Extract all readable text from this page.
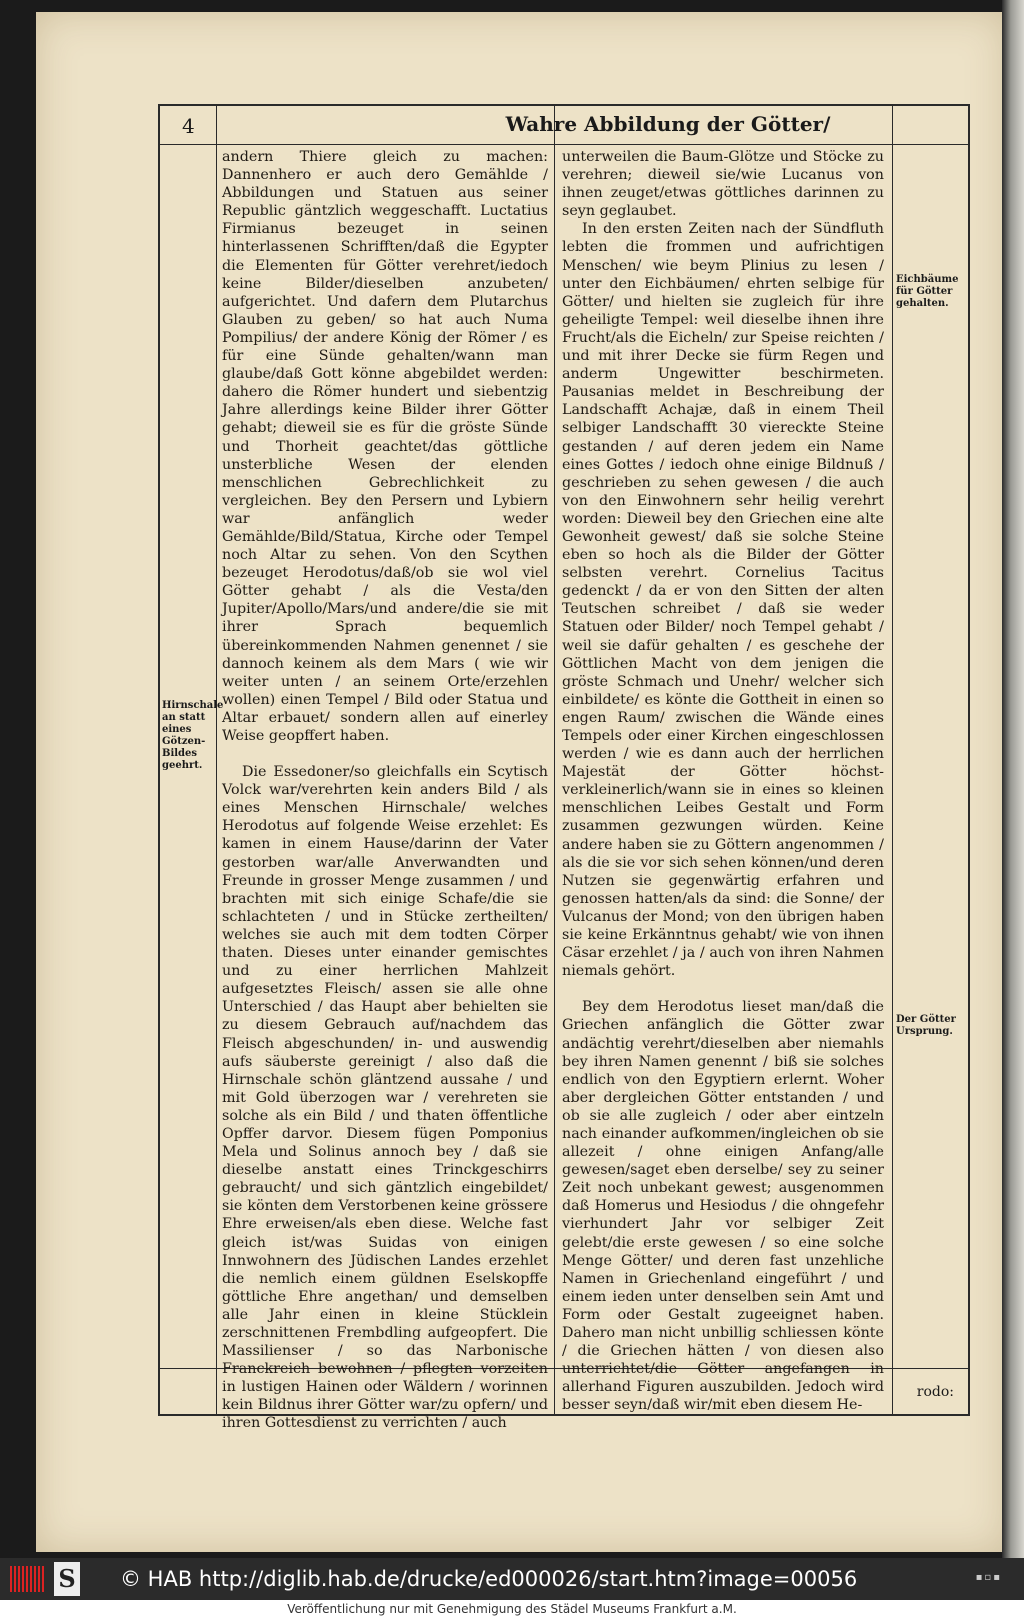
4	Wahre Abbildung der Götter/

andern Thiere gleich zu machen: Dannenhero er auch dero Gemählde / Abbildungen und Statuen aus seiner Republic gäntzlich weggeschafft. Luctatius Firmianus bezeuget in seinen hinterlassenen Schrifften/daß die Egypter die Elementen für Götter verehret/iedoch keine Bilder/dieselben anzubeten/ aufgerichtet. Und dafern dem Plutarchus Glauben zu geben/ so hat auch Numa Pompilius/ der andere König der Römer / es für eine Sünde gehalten/wann man glaube/daß Gott könne abgebildet werden: dahero die Römer hundert und siebentzig Jahre allerdings keine Bilder ihrer Götter gehabt; dieweil sie es für die gröste Sünde und Thorheit geachtet/das göttliche unsterbliche Wesen der elenden menschlichen Gebrechlichkeit zu vergleichen. Bey den Persern und Lybiern war anfänglich weder Gemählde/Bild/Statua, Kirche oder Tempel noch Altar zu sehen. Von den Scythen bezeuget Herodotus/daß/ob sie wol viel Götter gehabt / als die Vesta/den Jupiter/Apollo/Mars/und andere/die sie mit ihrer Sprach bequemlich übereinkommenden Nahmen genennet / sie dannoch keinem als dem Mars ( wie wir weiter unten / an seinem Orte/erzehlen wollen) einen Tempel / Bild oder Statua und Altar erbauet/ sondern allen auf einerley Weise geopffert haben.

Die Essedoner/so gleichfalls ein Scytisch Volck war/verehrten kein anders Bild / als eines Menschen Hirnschale/ welches Herodotus auf folgende Weise erzehlet: Es kamen in einem Hause/darinn der Vater gestorben war/alle Anverwandten und Freunde in grosser Menge zusammen / und brachten mit sich einige Schafe/die sie schlachteten / und in Stücke zertheilten/ welches sie auch mit dem todten Cörper thaten. Dieses unter einander gemischtes und zu einer herrlichen Mahlzeit aufgesetztes Fleisch/ assen sie alle ohne Unterschied / das Haupt aber behielten sie zu diesem Gebrauch auf/nachdem das Fleisch abgeschunden/ in- und auswendig aufs säuberste gereinigt / also daß die Hirnschale schön gläntzend aussahe / und mit Gold überzogen war / verehreten sie solche als ein Bild / und thaten öffentliche Opffer darvor. Diesem fügen Pomponius Mela und Solinus annoch bey / daß sie dieselbe anstatt eines Trinckgeschirrs gebraucht/ und sich gäntzlich eingebildet/ sie könten dem Verstorbenen keine grössere Ehre erweisen/als eben diese. Welche fast gleich ist/was Suidas von einigen Innwohnern des Jüdischen Landes erzehlet die nemlich einem güldnen Eselskopffe göttliche Ehre angethan/ und demselben alle Jahr einen in kleine Stücklein zerschnittenen Frembdling aufgeopfert. Die Massilienser / so das Narbonische Franckreich bewohnen / pflegten vorzeiten in lustigen Hainen oder Wäldern / worinnen kein Bildnus ihrer Götter war/zu opfern/ und ihren Gottesdienst zu verrichten / auch

unterweilen die Baum-Glötze und Stöcke zu verehren; dieweil sie/wie Lucanus von ihnen zeuget/etwas göttliches darinnen zu seyn geglaubet.

In den ersten Zeiten nach der Sündfluth lebten die frommen und aufrichtigen Menschen/ wie beym Plinius zu lesen / unter den Eichbäumen/ ehrten selbige für Götter/ und hielten sie zugleich für ihre geheiligte Tempel: weil dieselbe ihnen ihre Frucht/als die Eicheln/ zur Speise reichten / und mit ihrer Decke sie fürm Regen und anderm Ungewitter beschirmeten. Pausanias meldet in Beschreibung der Landschafft Achajæ, daß in einem Theil selbiger Landschafft 30 viereckte Steine gestanden / auf deren jedem ein Name eines Gottes / iedoch ohne einige Bildnuß / geschrieben zu sehen gewesen / die auch von den Einwohnern sehr heilig verehrt worden: Dieweil bey den Griechen eine alte Gewonheit gewest/ daß sie solche Steine eben so hoch als die Bilder der Götter selbsten verehrt. Cornelius Tacitus gedenckt / da er von den Sitten der alten Teutschen schreibet / daß sie weder Statuen oder Bilder/ noch Tempel gehabt / weil sie dafür gehalten / es geschehe der Göttlichen Macht von dem jenigen die gröste Schmach und Unehr/ welcher sich einbildete/ es könte die Gottheit in einen so engen Raum/ zwischen die Wände eines Tempels oder einer Kirchen eingeschlossen werden / wie es dann auch der herrlichen Majestät der Götter höchst-verkleinerlich/wann sie in eines so kleinen menschlichen Leibes Gestalt und Form zusammen gezwungen würden. Keine andere haben sie zu Göttern angenommen / als die sie vor sich sehen können/und deren Nutzen sie gegenwärtig erfahren und genossen hatten/als da sind: die Sonne/ der Vulcanus der Mond; von den übrigen haben sie keine Erkänntnus gehabt/ wie von ihnen Cäsar erzehlet / ja / auch von ihren Nahmen niemals gehört.

Bey dem Herodotus lieset man/daß die Griechen anfänglich die Götter zwar andächtig verehrt/dieselben aber niemahls bey ihren Namen genennt / biß sie solches endlich von den Egyptiern erlernt. Woher aber dergleichen Götter entstanden / und ob sie alle zugleich / oder aber eintzeln nach einander aufkommen/ingleichen ob sie allezeit / ohne einigen Anfang/alle gewesen/saget eben derselbe/ sey zu seiner Zeit noch unbekant gewest; ausgenommen daß Homerus und Hesiodus / die ohngefehr vierhundert Jahr vor selbiger Zeit gelebt/die erste gewesen / so eine solche Menge Götter/ und deren fast unzehliche Namen in Griechenland eingeführt / und einem ieden unter denselben sein Amt und Form oder Gestalt zugeeignet haben. Dahero man nicht unbillig schliessen könte / die Griechen hätten / von diesen also unterrichtet/die Götter angefangen in allerhand Figuren auszubilden. Jedoch wird besser seyn/daß wir/mit eben diesem He-

Hirnschale an statt eines Götzen-Bildes geehrt.
Eichbäume für Götter gehalten.
Der Götter Ursprung.
rodo:
S © HAB http://diglib.hab.de/drucke/ed000026/start.htm?image=00056	▪▫▪
Veröffentlichung nur mit Genehmigung des Städel Museums Frankfurt a.M.
